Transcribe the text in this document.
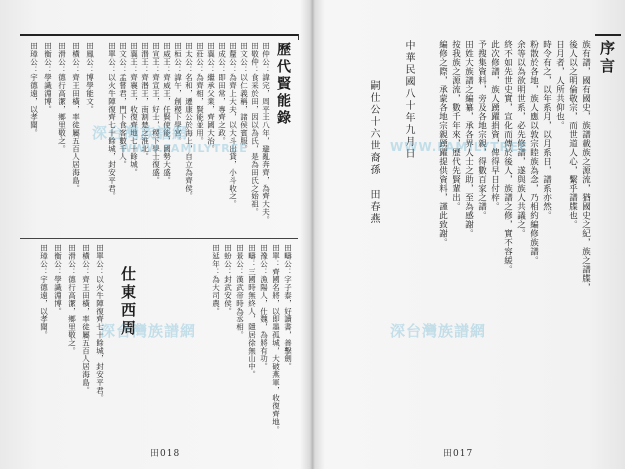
序言
族有譜，國有國史，族譜載族之源流，猶國史之紀，族之譜牒，
後人以之明倫敬宗，而世道人心，繫乎譜牒也。
日月者，人所共仰也。
時令有之，以年系月，以月系日，譜系亦然。
粉散於各地，族人應以敦宗睦族為念，乃相約編修族譜。
余等以為欲明世系，必先修譜，遂與族人共議之。
終不如先世史實，宣化而傳於後人，族譜之修，實不容緩。
此次修譜，族人踴躍捐資，俾得早日付梓。
予搜集資料，旁及各地宗親，得數百家之譜。
田姓大族譜之編纂，承各界人士之助，至為感謝。
按我族之源流，數千年來，歷代先賢輩出。
編修之際，承蒙各地宗親踴躍提供資料，謹此致謝。
中華民國八十年九月日
嗣仕公十六世裔孫 田春燕
田017
歷代賢能錄
田仲公：諱完，周平王八年，避亂奔齊，為齊大夫。
田敬仲：食采於田，因以為氏，是為田氏之始祖。
田文公：以仁義稱，諸侯賓服。
田釐公：為齊上大夫，以大斗出貸，小斗收之。
田成公：即田常，專齊之政。
田襄公：繼承父業，齊國大治。
田莊公：為齊相，賢能並用。
田太公：名和，遷康公於海上，自立為齊侯。
田桓公：諱午，創稷下學宮。
田威王：齊威王，任賢使能，國勢大盛。
田宣王：齊宣王，好士，稷下學士復盛。
田湣王：齊湣王，南割楚之淮北。
田襄王：齊襄王，收復齊地七十餘城。
田文公：孟嘗君，門下食客數千人。
田單公：以火牛陣復齊七十餘城，封安平君。
田鳳公：博學能文。
田橫公：齊王田橫，率徒屬五百人居海島。
田滑公：德行高潔，鄉里敬之。
田衡公：學識淵博。
田璋公：宇德遠，以孝聞。
田疇公：字子泰，好讀書，善擊劍。
田單：齊國名將，以即墨孤城，大破燕軍，收復齊地。
田豫公：漁陽人，仕魏，為將有功。
田疇：三國時無終人，隱居徐無山中。
田景公：漢武帝時為丞相。
田蚡公：封武安侯。
田延年：為大司農。
仕東西周
田單公：以火牛陣復齊七十餘城，封安平君。
田橫公：齊王田橫，率徒屬五百人居海島。
田滑公：德行高潔，鄉里敬之。
田衡公：學識淵博。
田璋公：宇德遠，以孝聞。
田018
深台灣族譜網
深台灣族譜網	深台灣族譜網
WWW.FAMILYTREE
WWW.FAMILYTREE
